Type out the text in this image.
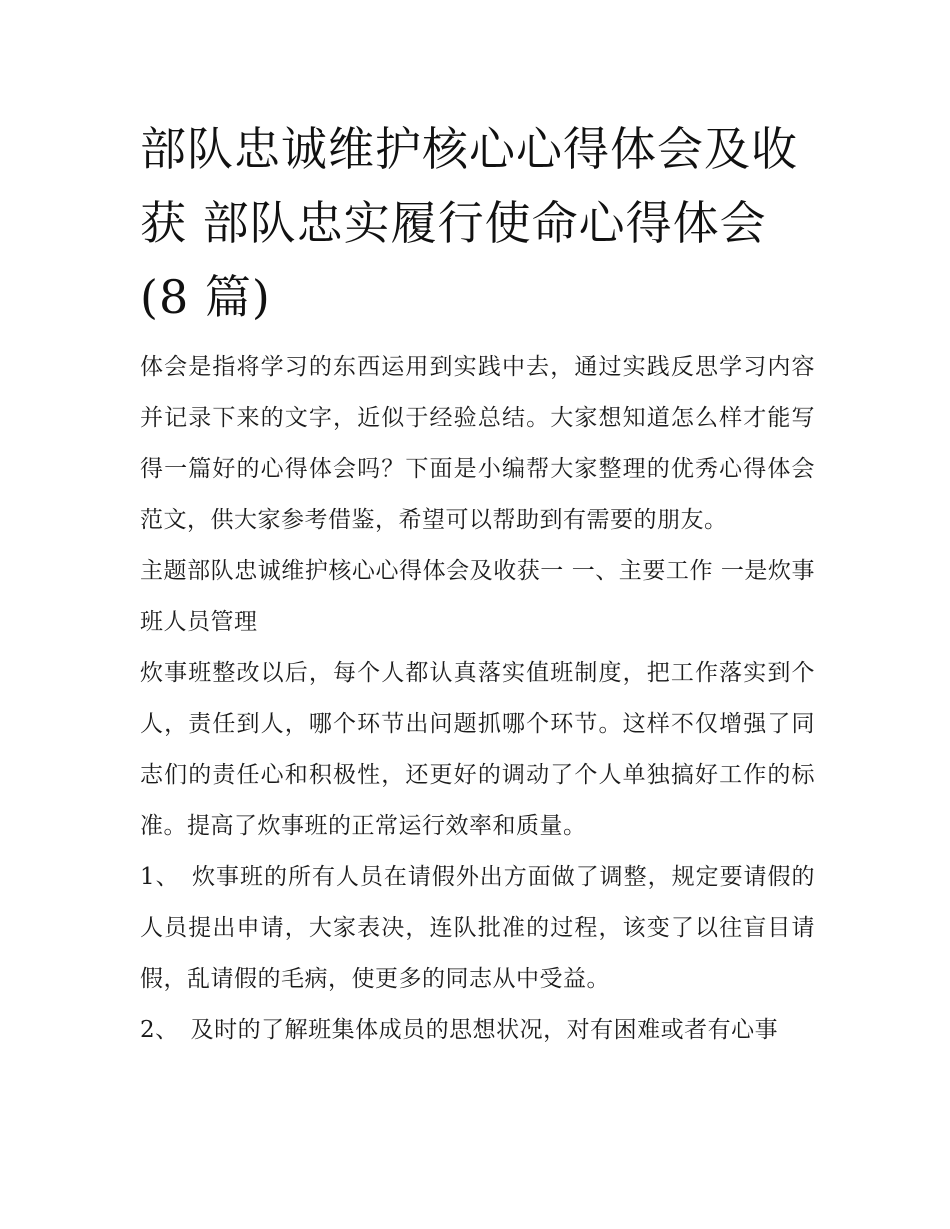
部队忠诚维护核心心得体会及收获 部队忠实履行使命心得体会(8 篇)

体会是指将学习的东西运用到实践中去，通过实践反思学习内容并记录下来的文字，近似于经验总结。大家想知道怎么样才能写得一篇好的心得体会吗？下面是小编帮大家整理的优秀心得体会范文，供大家参考借鉴，希望可以帮助到有需要的朋友。

主题部队忠诚维护核心心得体会及收获一 一、主要工作 一是炊事班人员管理

炊事班整改以后，每个人都认真落实值班制度，把工作落实到个人，责任到人，哪个环节出问题抓哪个环节。这样不仅增强了同志们的责任心和积极性，还更好的调动了个人单独搞好工作的标准。提高了炊事班的正常运行效率和质量。

1、  炊事班的所有人员在请假外出方面做了调整，规定要请假的人员提出申请，大家表决，连队批准的过程，该变了以往盲目请假，乱请假的毛病，使更多的同志从中受益。

2、  及时的了解班集体成员的思想状况，对有困难或者有心事
